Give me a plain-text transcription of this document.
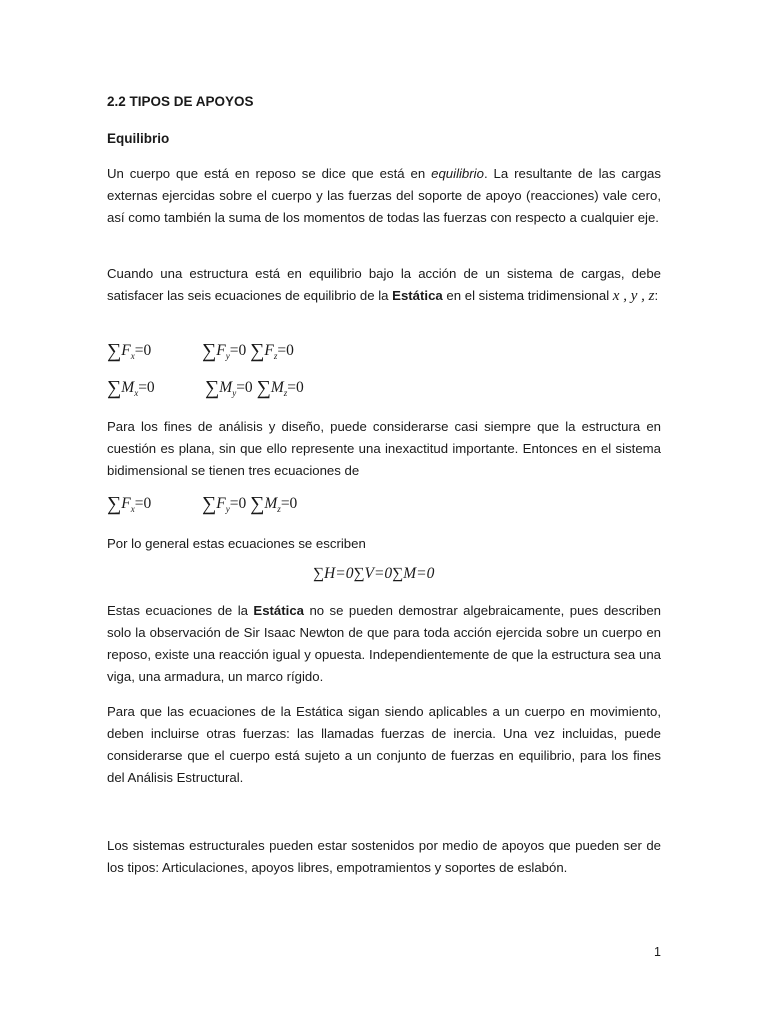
2.2 TIPOS DE APOYOS
Equilibrio

Un cuerpo que está en reposo se dice que está en equilibrio. La resultante de las cargas externas ejercidas sobre el cuerpo y las fuerzas del soporte de apoyo (reacciones) vale cero, así como también la suma de los momentos de todas las fuerzas con respecto a cualquier eje.

Cuando una estructura está en equilibrio bajo la acción de un sistema de cargas, debe satisfacer las seis ecuaciones de equilibrio de la Estática en el sistema tridimensional x , y , z:

$\sum F_x=0$	$\sum F_y=0$ $\sum F_z=0$
$\sum M_x=0$	$\sum M_y=0$ $\sum M_z=0$

Para los fines de análisis y diseño, puede considerarse casi siempre que la estructura en cuestión es plana, sin que ello represente una inexactitud importante. Entonces en el sistema bidimensional se tienen tres ecuaciones de

$\sum F_x=0$	$\sum F_y=0$ $\sum M_z=0$

Por lo general estas ecuaciones se escriben

∑H=0∑V=0∑M=0

Estas ecuaciones de la Estática no se pueden demostrar algebraicamente, pues describen solo la observación de Sir Isaac Newton de que para toda acción ejercida sobre un cuerpo en reposo, existe una reacción igual y opuesta. Independientemente de que la estructura sea una viga, una armadura, un marco rígido.

Para que las ecuaciones de la Estática sigan siendo aplicables a un cuerpo en movimiento, deben incluirse otras fuerzas: las llamadas fuerzas de inercia. Una vez incluidas, puede considerarse que el cuerpo está sujeto a un conjunto de fuerzas en equilibrio, para los fines del Análisis Estructural.

Los sistemas estructurales pueden estar sostenidos por medio de apoyos que pueden ser de los tipos: Articulaciones, apoyos libres, empotramientos y soportes de eslabón.

1
